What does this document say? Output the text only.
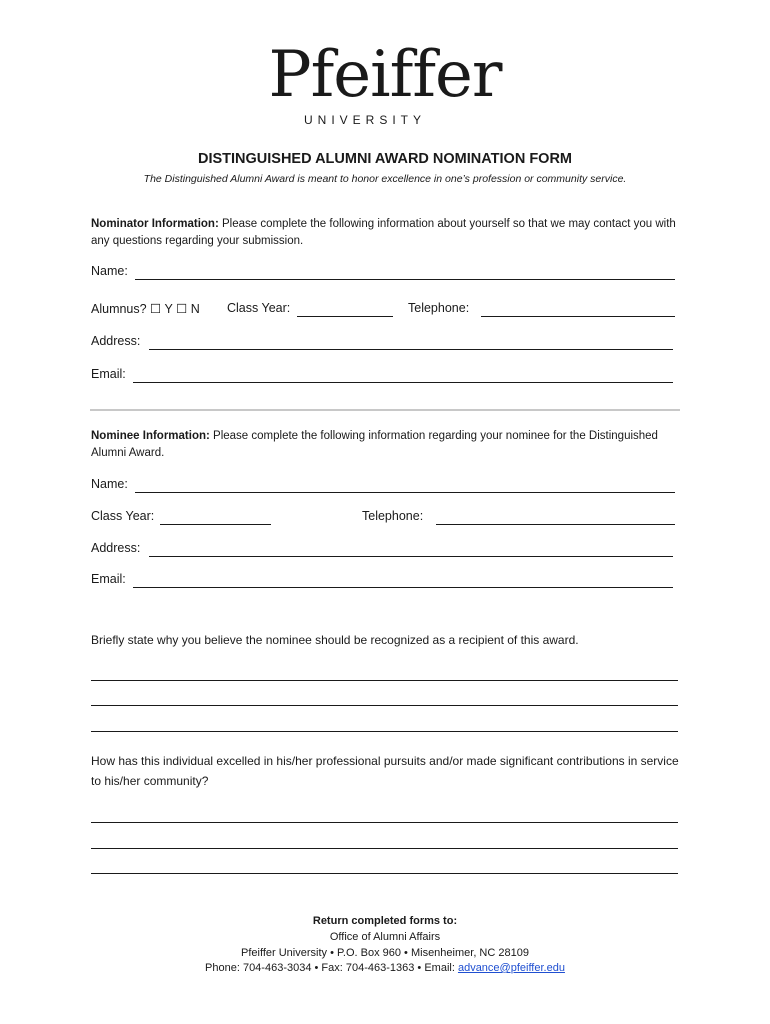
Pfeiffer
UNIVERSITY
DISTINGUISHED ALUMNI AWARD NOMINATION FORM
The Distinguished Alumni Award is meant to honor excellence in one’s profession or community service.
Nominator Information: Please complete the following information about yourself so that we may contact you with any questions regarding your submission.
Name:
Alumnus? ☐ Y ☐ N Class Year:	Telephone:
Address:
Email:
Nominee Information: Please complete the following information regarding your nominee for the Distinguished Alumni Award.
Name:
Class Year:	Telephone:
Address:
Email:
Briefly state why you believe the nominee should be recognized as a recipient of this award.
How has this individual excelled in his/her professional pursuits and/or made significant contributions in service to his/her community?
Return completed forms to:
Office of Alumni Affairs
Pfeiffer University • P.O. Box 960 • Misenheimer, NC 28109
Phone: 704-463-3034 • Fax: 704-463-1363 • Email: advance@pfeiffer.edu
